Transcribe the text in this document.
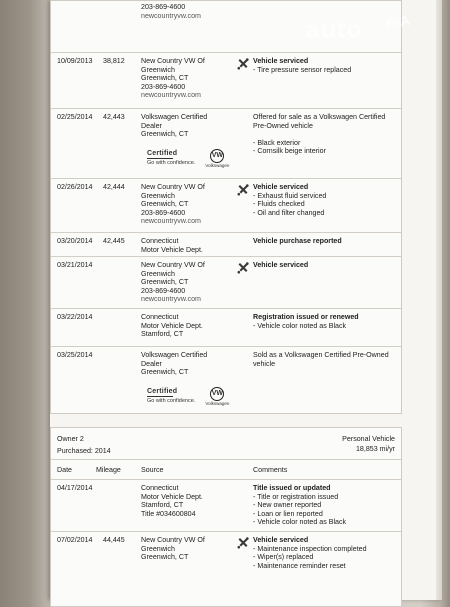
203-869-4600
newcountryvw.com
10/09/2013 38,812 New Country VW Of
Greenwich
Greenwich, CT
203-869-4600
newcountryvw.com
Vehicle serviced
- Tire pressure sensor replaced
02/25/2014 42,443 Volkswagen Certified
Dealer
Greenwich, CT
Offered for sale as a Volkswagen Certified
Pre-Owned vehicle
- Black exterior
- Cornsilk beige interior
Certified
Go with confidence.
VW
Volkswagen
02/26/2014 42,444 New Country VW Of
Greenwich
Greenwich, CT
203-869-4600
newcountryvw.com
Vehicle serviced
- Exhaust fluid serviced
- Fluids checked
- Oil and filter changed
03/20/2014 42,445 Connecticut
Motor Vehicle Dept.
Vehicle purchase reported
03/21/2014	New Country VW Of
Greenwich
Greenwich, CT
203-869-4600
newcountryvw.com
Vehicle serviced
03/22/2014	Connecticut
Motor Vehicle Dept.
Stamford, CT
Registration issued or renewed
- Vehicle color noted as Black
03/25/2014	Volkswagen Certified
Dealer
Greenwich, CT
Sold as a Volkswagen Certified Pre-Owned
vehicle
Certified
Go with confidence.
VW
Volkswagen
Owner 2
Purchased: 2014
Personal Vehicle
18,853 mi/yr
Date	Mileage	Source	Comments
04/17/2014	Connecticut
Motor Vehicle Dept.
Stamford, CT
Title #034600804
Title issued or updated
- Title or registration issued
- New owner reported
- Loan or lien reported
- Vehicle color noted as Black
07/02/2014 44,445 New Country VW Of
Greenwich
Greenwich, CT
Vehicle serviced
- Maintenance inspection completed
- Wiper(s) replaced
- Maintenance reminder reset
auto RIA
